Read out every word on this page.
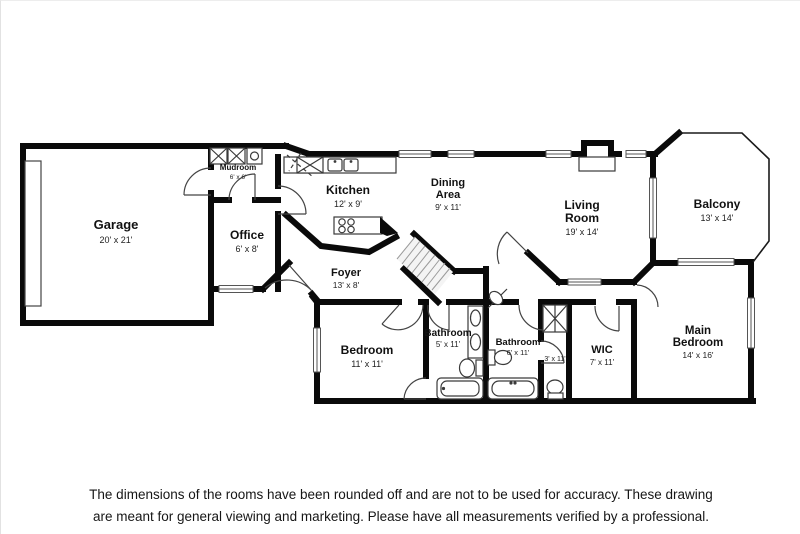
Garage
20' x 21'
Mudroom
6' x 6'
Office
6' x 8'
Kitchen
12' x 9'
Dining
Area
9' x 11'	Living
Room
19' x 14'
Balcony
13' x 14'
Foyer
13' x 8'
Bedroom
11' x 11'
Bathroom
5' x 11'	Bathroom
6' x 11'
3' x 11'
WIC
7' x 11'
Main
Bedroom
14' x 16'
The dimensions of the rooms have been rounded off and are not to be used for accuracy. These drawing
are meant for general viewing and marketing. Please have all measurements verified by a professional.
